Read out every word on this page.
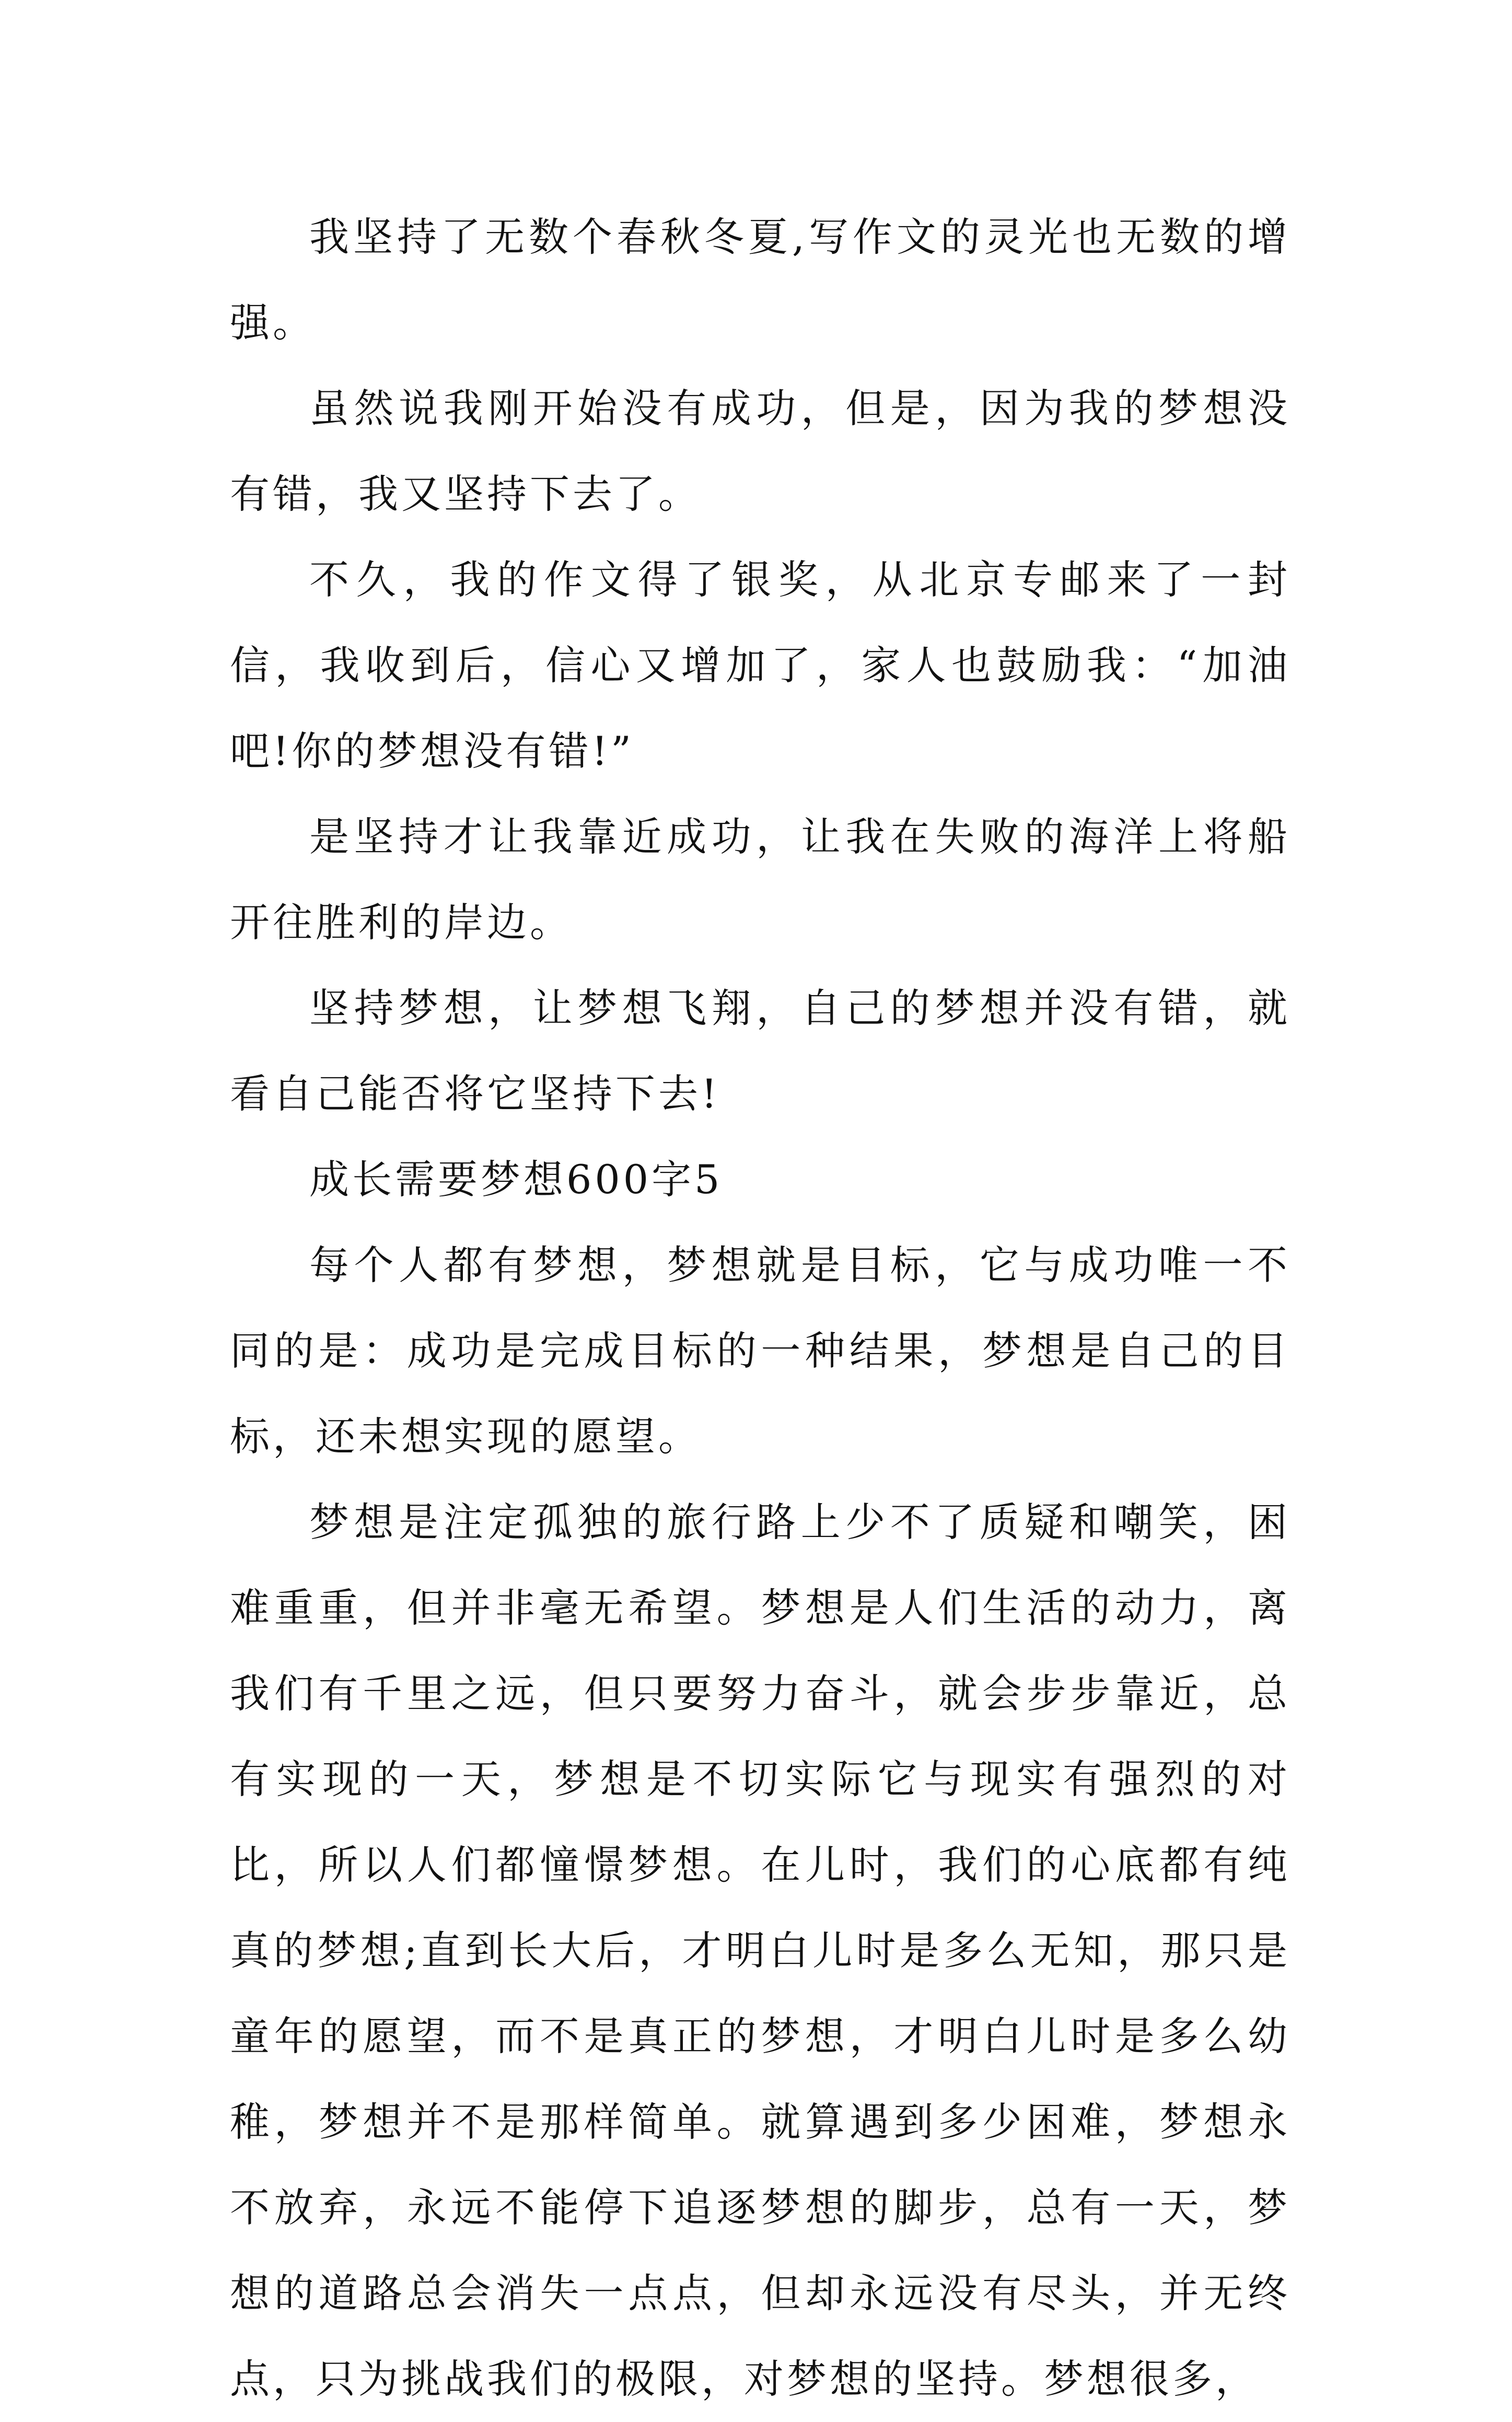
我坚持了无数个春秋冬夏,写作文的灵光也无数的增强。

虽然说我刚开始没有成功，但是，因为我的梦想没有错，我又坚持下去了。

不久，我的作文得了银奖，从北京专邮来了一封信，我收到后，信心又增加了，家人也鼓励我：“加油吧!你的梦想没有错!”

是坚持才让我靠近成功，让我在失败的海洋上将船开往胜利的岸边。

坚持梦想，让梦想飞翔，自己的梦想并没有错，就看自己能否将它坚持下去!

成长需要梦想600字5

每个人都有梦想，梦想就是目标，它与成功唯一不同的是：成功是完成目标的一种结果，梦想是自己的目标，还未想实现的愿望。

梦想是注定孤独的旅行路上少不了质疑和嘲笑，困难重重，但并非毫无希望。梦想是人们生活的动力，离我们有千里之远，但只要努力奋斗，就会步步靠近，总有实现的一天，梦想是不切实际它与现实有强烈的对比，所以人们都憧憬梦想。在儿时，我们的心底都有纯真的梦想;直到长大后，才明白儿时是多么无知，那只是童年的愿望，而不是真正的梦想，才明白儿时是多么幼稚，梦想并不是那样简单。就算遇到多少困难，梦想永不放弃，永远不能停下追逐梦想的脚步，总有一天，梦想的道路总会消失一点点，但却永远没有尽头，并无终点，只为挑战我们的极限，对梦想的坚持。梦想很多，
